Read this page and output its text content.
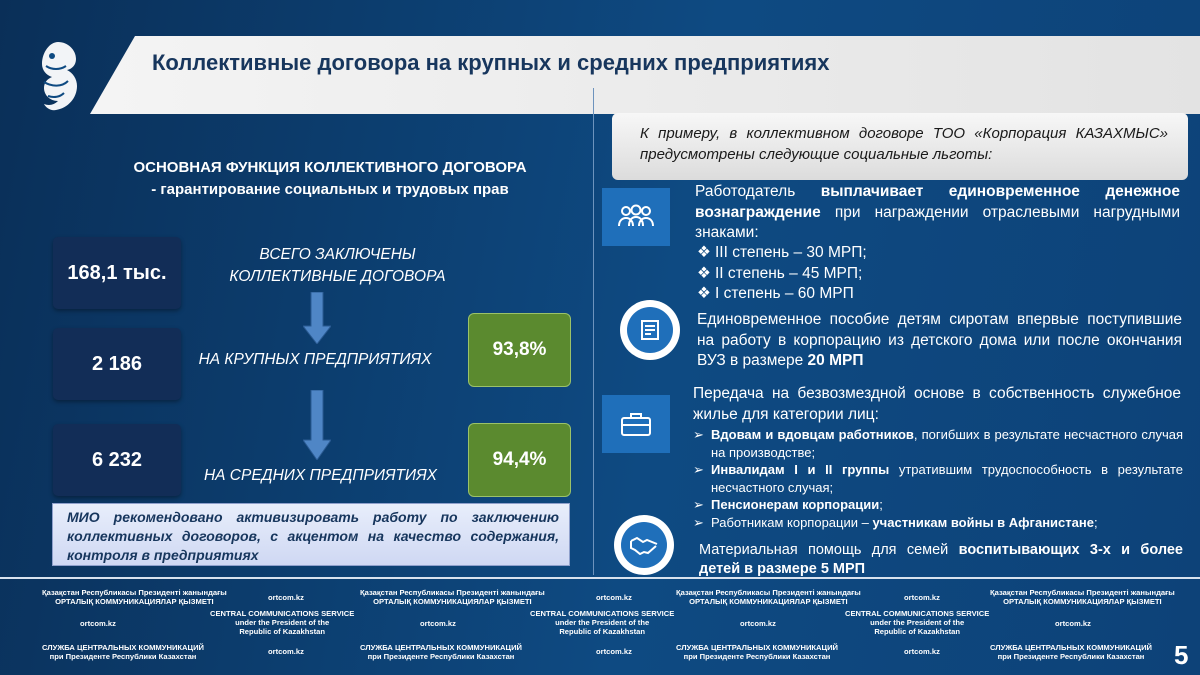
Коллективные договора на крупных и средних предприятиях
ОСНОВНАЯ ФУНКЦИЯ КОЛЛЕКТИВНОГО ДОГОВОРА
- гарантирование социальных и трудовых прав
168,1 тыс.
ВСЕГО ЗАКЛЮЧЕНЫ
КОЛЛЕКТИВНЫЕ ДОГОВОРА
2 186	НА КРУПНЫХ ПРЕДПРИЯТИЯХ	93,8%
6 232
НА СРЕДНИХ ПРЕДПРИЯТИЯХ
94,4%
МИО рекомендовано активизировать работу по заключению коллективных договоров, с акцентом на качество содержания, контроля в предприятиях
К примеру, в коллективном договоре ТОО «Корпорация КАЗАХМЫС» предусмотрены следующие социальные льготы:
Работодатель выплачивает единовременное денежное вознаграждение при награждении отраслевыми нагрудными знаками:
❖ III степень – 30 МРП;
❖ II степень – 45 МРП;
❖ I степень – 60 МРП
Единовременное пособие детям сиротам впервые поступившие на работу в корпорацию из детского дома или после окончания ВУЗ в размере 20 МРП
Передача на безвозмездной основе в собственность служебное жилье для категории лиц:
➢ Вдовам и вдовцам работников, погибших в результате несчастного случая на производстве;
➢ Инвалидам I и II группы утратившим трудоспособность в результате несчастного случая;
➢ Пенсионерам корпорации;
➢ Работникам корпорации – участникам войны в Афганистане;
Материальная помощь для семей воспитывающих 3-х и более детей в размере 5 МРП
Қазақстан Республикасы Президенті жанындағы
ОРТАЛЫҚ КОММУНИКАЦИЯЛАР ҚЫЗМЕТІ	ortcom.kz
Қазақстан Республикасы Президенті жанындағы
ОРТАЛЫҚ КОММУНИКАЦИЯЛАР ҚЫЗМЕТІ	ortcom.kz
Қазақстан Республикасы Президенті жанындағы
ОРТАЛЫҚ КОММУНИКАЦИЯЛАР ҚЫЗМЕТІ	ortcom.kz
Қазақстан Республикасы Президенті жанындағы
ОРТАЛЫҚ КОММУНИКАЦИЯЛАР ҚЫЗМЕТІ
ortcom.kz
CENTRAL COMMUNICATIONS SERVICE
under the President of the
Republic of Kazakhstan
ortcom.kz
CENTRAL COMMUNICATIONS SERVICE
under the President of the
Republic of Kazakhstan
ortcom.kz
CENTRAL COMMUNICATIONS SERVICE
under the President of the
Republic of Kazakhstan
ortcom.kz
СЛУЖБА ЦЕНТРАЛЬНЫХ КОММУНИКАЦИЙ
при Президенте Республики Казахстан
ortcom.kz	СЛУЖБА ЦЕНТРАЛЬНЫХ КОММУНИКАЦИЙ
при Президенте Республики Казахстан
ortcom.kz	СЛУЖБА ЦЕНТРАЛЬНЫХ КОММУНИКАЦИЙ
при Президенте Республики Казахстан
ortcom.kz	СЛУЖБА ЦЕНТРАЛЬНЫХ КОММУНИКАЦИЙ
при Президенте Республики Казахстан 5
